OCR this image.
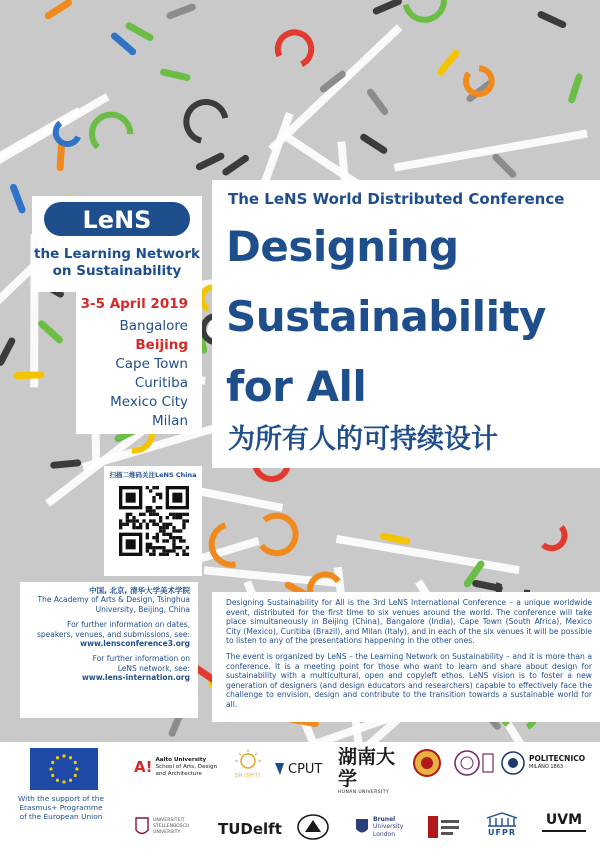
LeNS
the Learning Network
on Sustainability
3-5 April 2019
Bangalore
Beijing
Cape Town
Curitiba
Mexico City
Milan
扫描二维码关注LeNS China
中国, 北京, 清华大学美术学院
The Academy of Arts & Design, Tsinghua
University, Beijing, China
For further information on dates,
speakers, venues, and submissions, see:
www.lensconference3.org
For further information on
LeNS network, see:
www.lens-internation.org
The LeNS World Distributed Conference
Designing
Sustainability
for All
为所有人的可持续设计

Designing Sustainability for All is the 3rd LeNS International Conference – a unique worldwide event, distributed for the first time to six venues around the world. The conference will take place simultaneously in Beijing (China), Bangalore (India), Cape Town (South Africa), Mexico City (Mexico), Curitiba (Brazil), and Milan (Italy), and in each of the six venues it will be possible to listen to any of the presentations happening in the other ones.

The event is organized by LeNS – the Learning Network on Sustainability – and it is more than a conference. It is a meeting point for those who want to learn and share about design for sustainability with a multicultural, open and copyleft ethos. LeNS vision is to foster a new generation of designers (and design educators and researchers) capable to effectively face the challenge to envision, design and contribute to the transition towards a sustainable world for all.

With the support of the
Erasmus+ Programme
of the European Union
A! Aalto University
School of Arts, Design
and Architecture	SRISHTI CPUT
湖南大学
HUNAN UNIVERSITY
POLITECNICO
MILANO 1863
UNIVERSITEIT
STELLENBOSCH
UNIVERSITY	TUDelft
Brunel
University
London	UFPR
UVM
